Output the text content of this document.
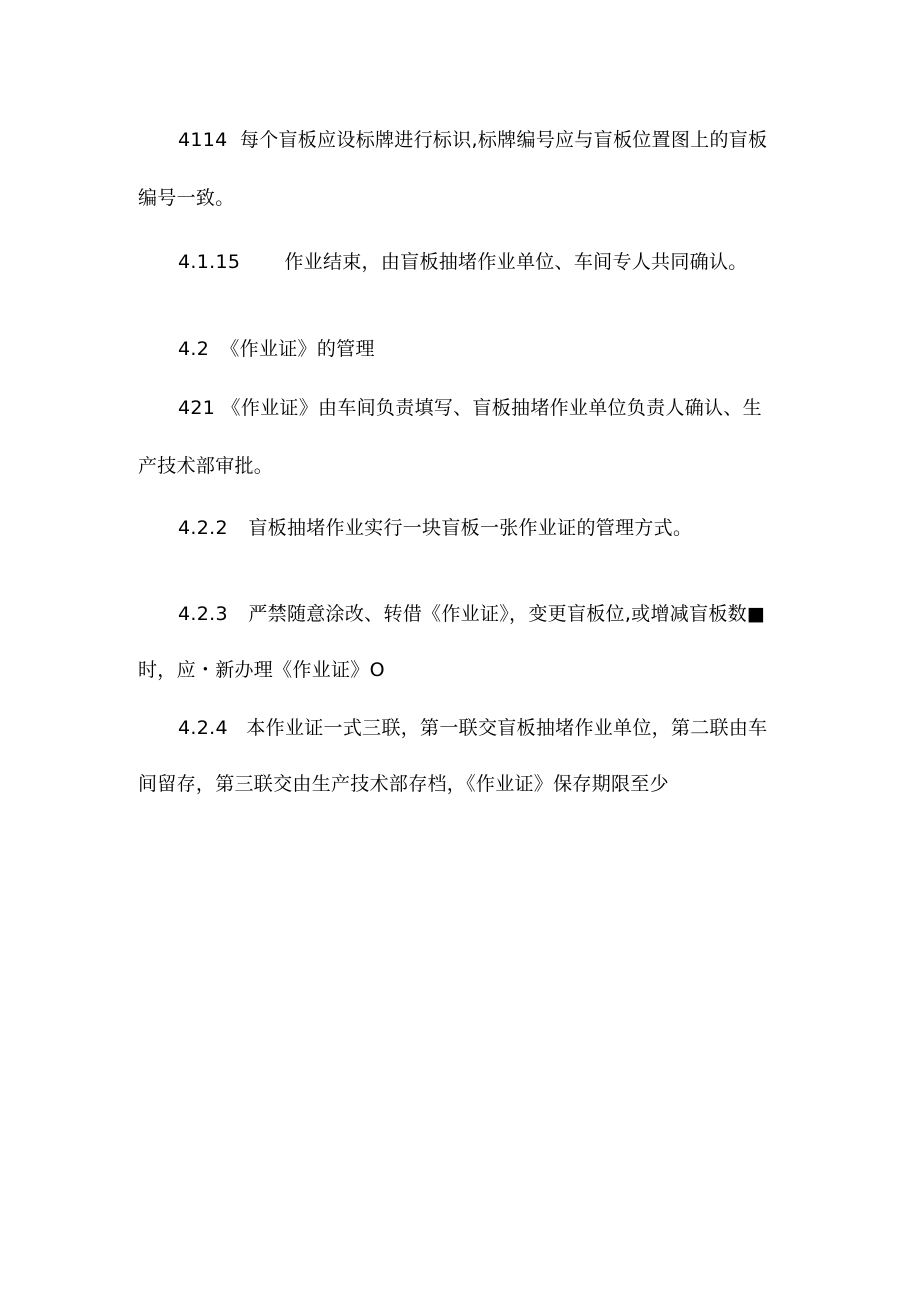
4114 每个盲板应设标牌进行标识,标牌编号应与盲板位置图上的盲板
编号一致。
4.1.15 作业结束，由盲板抽堵作业单位、车间专人共同确认。
4.2 《作业证》的管理
421 《作业证》由车间负责填写、盲板抽堵作业单位负责人确认、生
产技术部审批。
4.2.2 盲板抽堵作业实行一块盲板一张作业证的管理方式。
4.2.3 严禁随意涂改、转借《作业证》，变更盲板位,或增减盲板数■
时，应・新办理《作业证》O
4.2.4 本作业证一式三联，第一联交盲板抽堵作业单位，第二联由车
间留存，第三联交由生产技术部存档，《作业证》保存期限至少
